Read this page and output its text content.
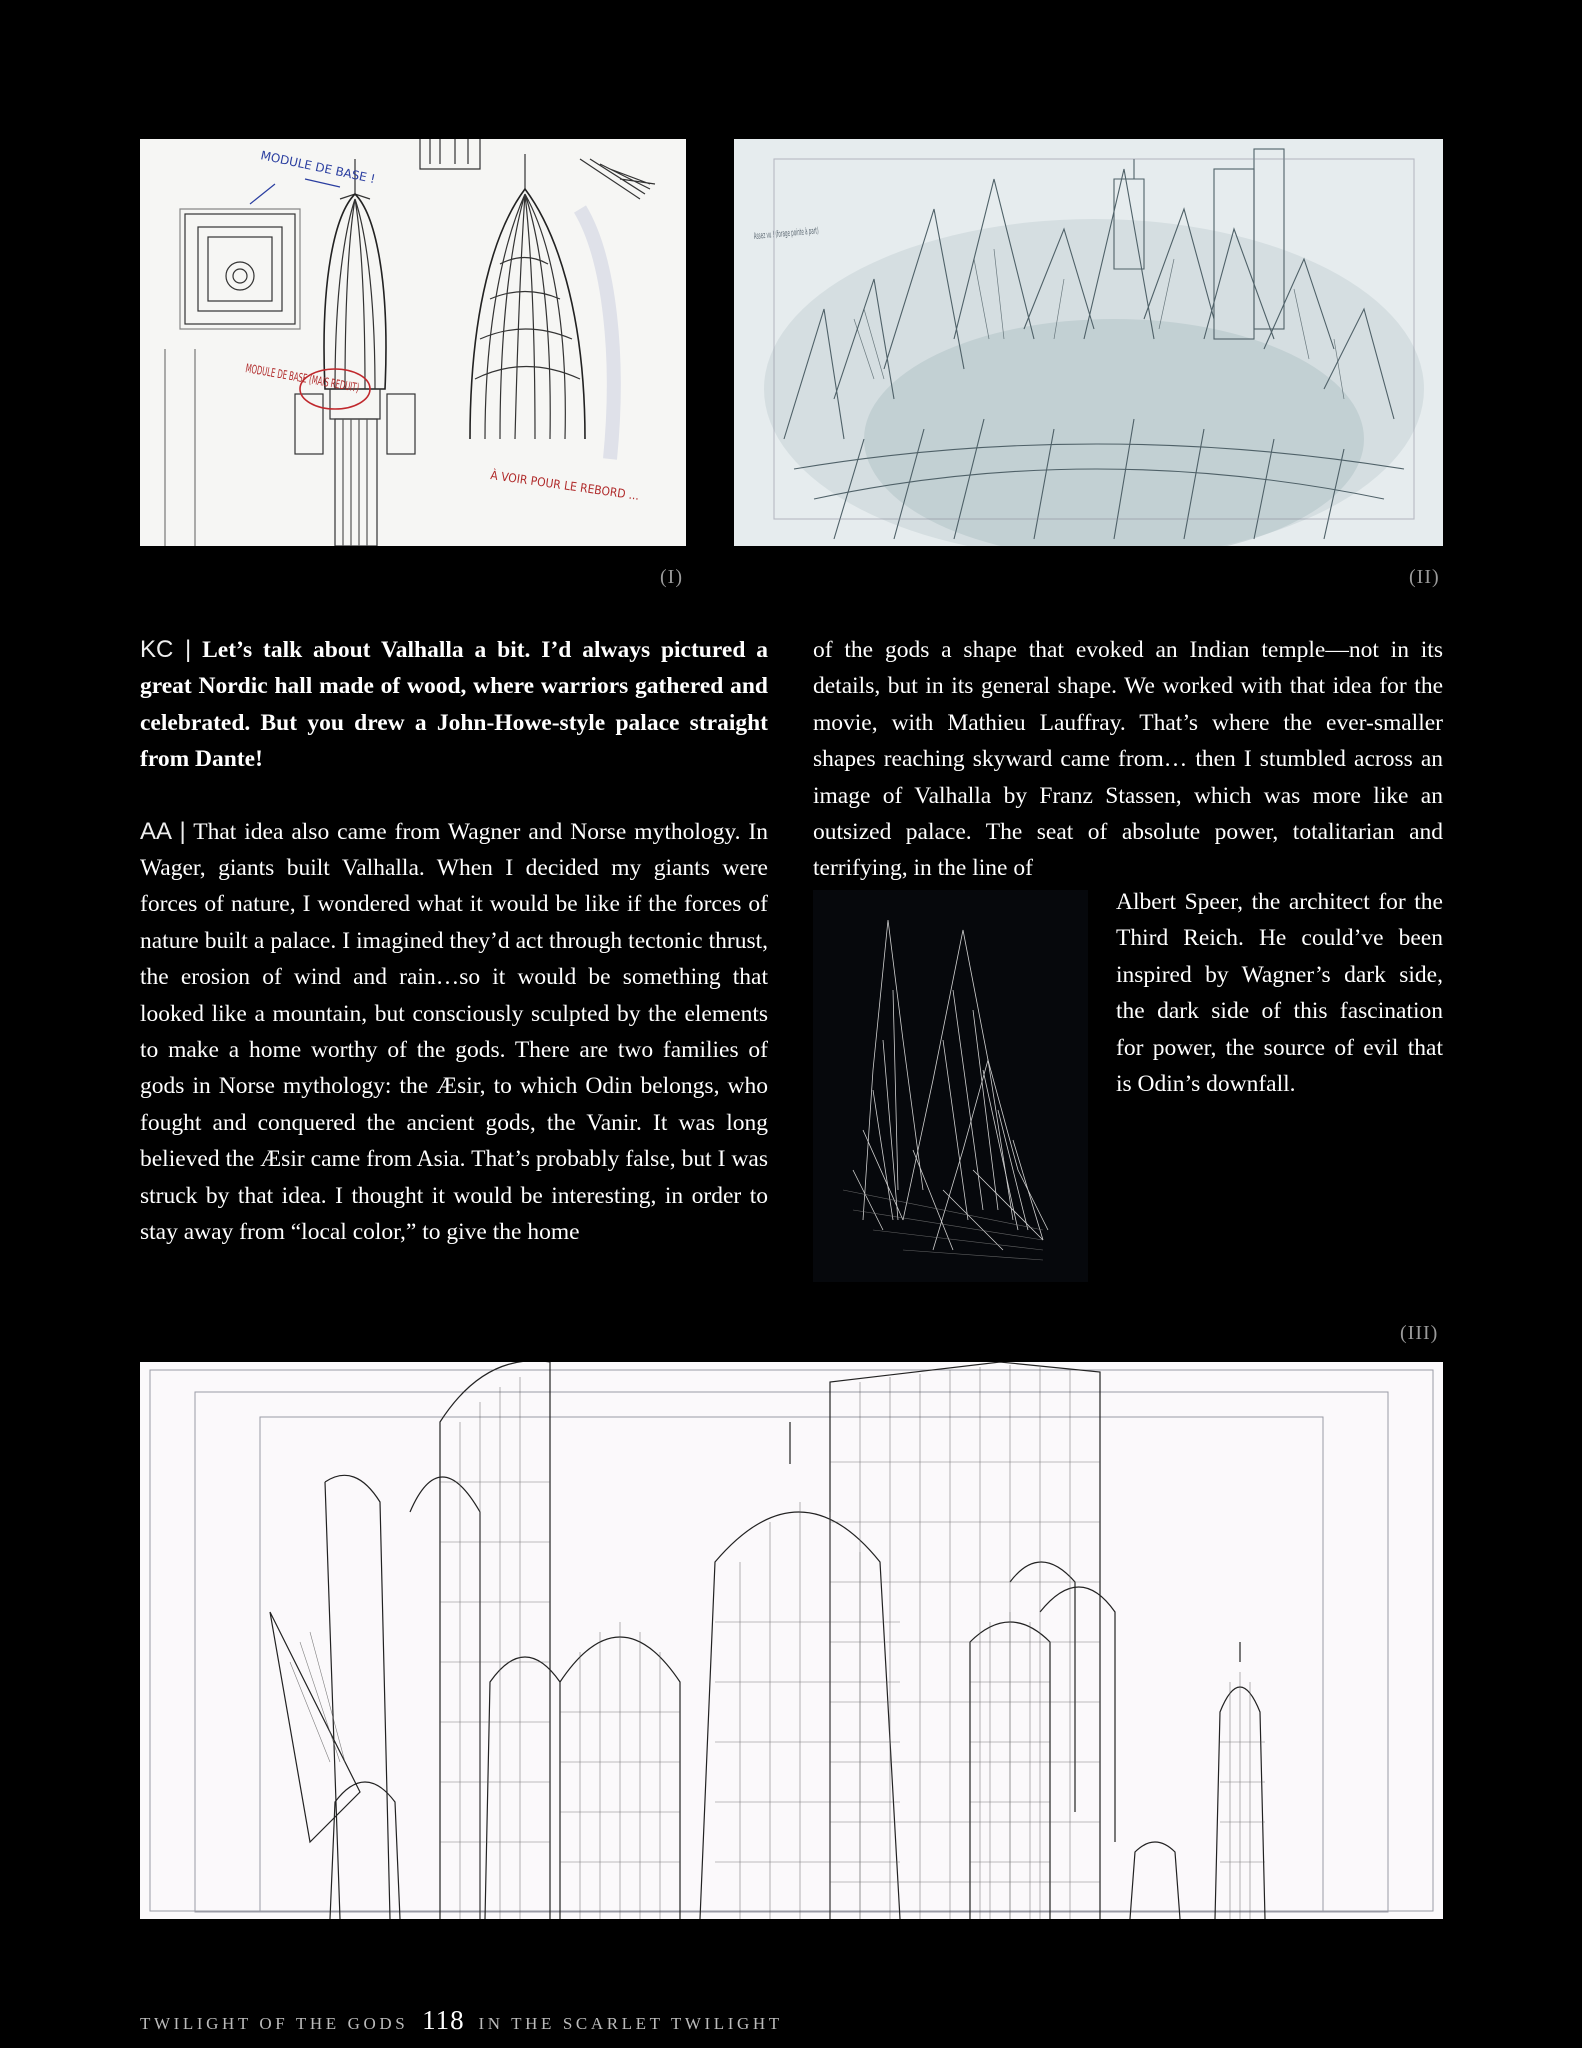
MODULE DE BASE !
MODULE DE BASE (MAIS REDUIT)
À VOIR POUR LE REBORD ...
(I)	(II)

KC | Let’s talk about Valhalla a bit. I’d always pictured a great Nordic hall made of wood, where warriors gathered and celebrated. But you drew a John-Howe-style palace straight from Dante!

AA | That idea also came from Wagner and Norse mythology. In Wager, giants built Valhalla. When I decided my giants were forces of nature, I wondered what it would be like if the forces of nature built a palace. I imagined they’d act through tectonic thrust, the erosion of wind and rain…so it would be something that looked like a mountain, but consciously sculpted by the elements to make a home worthy of the gods. There are two families of gods in Norse mythology: the Æsir, to which Odin belongs, who fought and conquered the ancient gods, the Vanir. It was long believed the Æsir came from Asia. That’s probably false, but I was struck by that idea. I thought it would be interesting, in order to stay away from “local color,” to give the home

of the gods a shape that evoked an Indian temple—not in its details, but in its general shape. We worked with that idea for the movie, with Mathieu Lauffray. That’s where the ever-smaller shapes reaching skyward came from… then I stumbled across an image of Valhalla by Franz Stassen, which was more like an outsized palace. The seat of absolute power, totalitarian and terrifying, in the line of
Albert Speer, the architect for the Third Reich. He could’ve been inspired by Wagner’s dark side, the dark side of this fascination for power, the source of evil that is Odin’s downfall.
(III)
TWILIGHT OF THE GODS 118 IN THE SCARLET TWILIGHT
